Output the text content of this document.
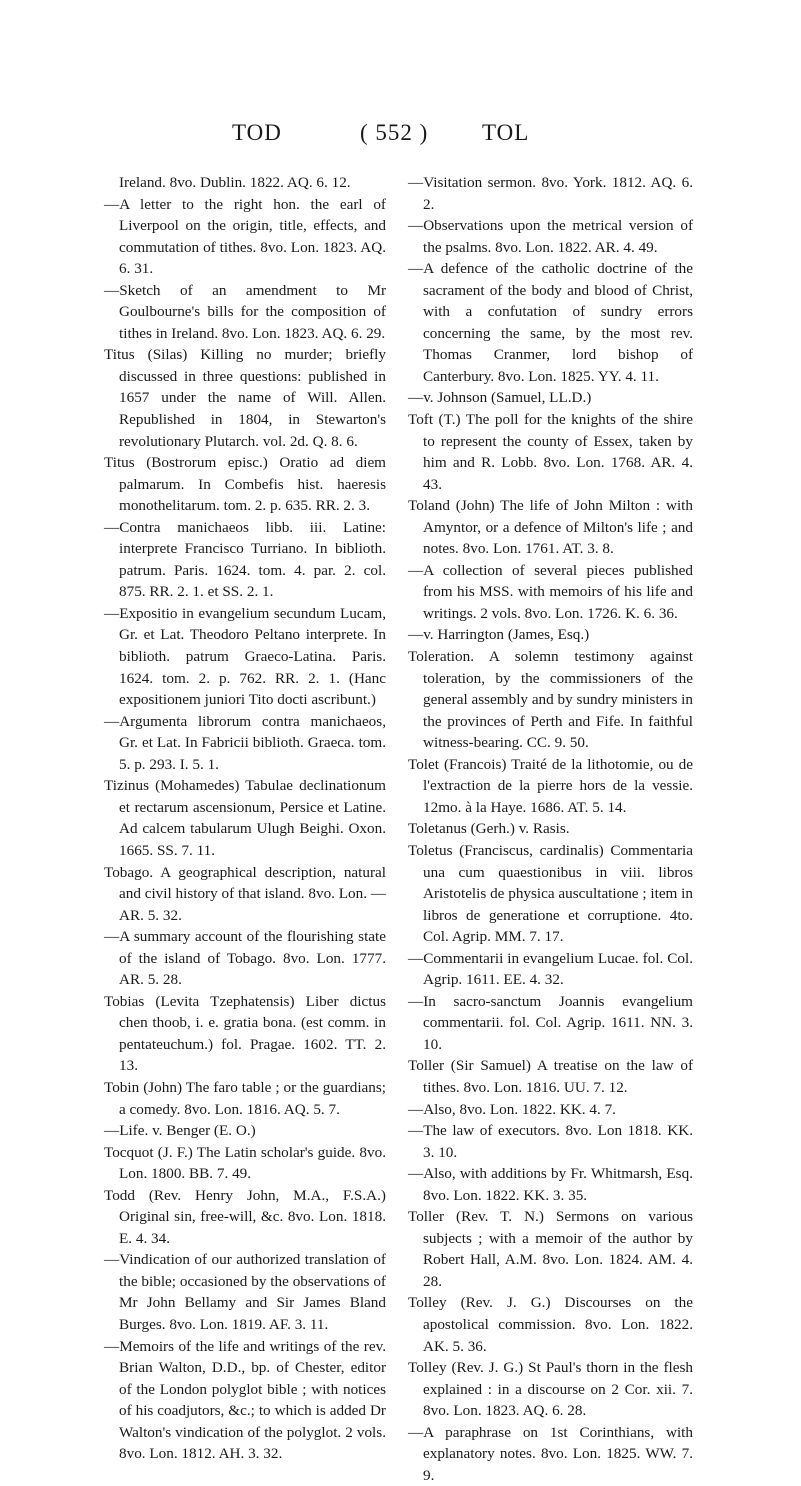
TOD	( 552 ) TOL

Ireland. 8vo. Dublin. 1822. AQ. 6. 12.

—A letter to the right hon. the earl of Liverpool on the origin, title, effects, and commutation of tithes. 8vo. Lon. 1823. AQ. 6. 31.

—Sketch of an amendment to Mr Goulbourne's bills for the composition of tithes in Ireland. 8vo. Lon. 1823. AQ. 6. 29.

Titus (Silas) Killing no murder; briefly discussed in three questions: published in 1657 under the name of Will. Allen. Republished in 1804, in Stewarton's revolutionary Plutarch. vol. 2d. Q. 8. 6.

Titus (Bostrorum episc.) Oratio ad diem palmarum. In Combefis hist. haeresis monothelitarum. tom. 2. p. 635. RR. 2. 3.

—Contra manichaeos libb. iii. Latine: interprete Francisco Turriano. In biblioth. patrum. Paris. 1624. tom. 4. par. 2. col. 875. RR. 2. 1. et SS. 2. 1.

—Expositio in evangelium secundum Lucam, Gr. et Lat. Theodoro Peltano interprete. In biblioth. patrum Graeco-Latina. Paris. 1624. tom. 2. p. 762. RR. 2. 1. (Hanc expositionem juniori Tito docti ascribunt.)

—Argumenta librorum contra manichaeos, Gr. et Lat. In Fabricii biblioth. Graeca. tom. 5. p. 293. I. 5. 1.

Tizinus (Mohamedes) Tabulae declinationum et rectarum ascensionum, Persice et Latine. Ad calcem tabularum Ulugh Beighi. Oxon. 1665. SS. 7. 11.

Tobago. A geographical description, natural and civil history of that island. 8vo. Lon. — AR. 5. 32.

—A summary account of the flourishing state of the island of Tobago. 8vo. Lon. 1777. AR. 5. 28.

Tobias (Levita Tzephatensis) Liber dictus chen thoob, i. e. gratia bona. (est comm. in pentateuchum.) fol. Pragae. 1602. TT. 2. 13.

Tobin (John) The faro table ; or the guardians; a comedy. 8vo. Lon. 1816. AQ. 5. 7.

—Life. v. Benger (E. O.)

Tocquot (J. F.) The Latin scholar's guide. 8vo. Lon. 1800. BB. 7. 49.

Todd (Rev. Henry John, M.A., F.S.A.) Original sin, free-will, &c. 8vo. Lon. 1818. E. 4. 34.

—Vindication of our authorized translation of the bible; occasioned by the observations of Mr John Bellamy and Sir James Bland Burges. 8vo. Lon. 1819. AF. 3. 11.

—Memoirs of the life and writings of the rev. Brian Walton, D.D., bp. of Chester, editor of the London polyglot bible ; with notices of his coadjutors, &c.; to which is added Dr Walton's vindication of the polyglot. 2 vols. 8vo. Lon. 1812. AH. 3. 32.

—Visitation sermon. 8vo. York. 1812. AQ. 6. 2.

—Observations upon the metrical version of the psalms. 8vo. Lon. 1822. AR. 4. 49.

—A defence of the catholic doctrine of the sacrament of the body and blood of Christ, with a confutation of sundry errors concerning the same, by the most rev. Thomas Cranmer, lord bishop of Canterbury. 8vo. Lon. 1825. YY. 4. 11.

—v. Johnson (Samuel, LL.D.)

Toft (T.) The poll for the knights of the shire to represent the county of Essex, taken by him and R. Lobb. 8vo. Lon. 1768. AR. 4. 43.

Toland (John) The life of John Milton : with Amyntor, or a defence of Milton's life ; and notes. 8vo. Lon. 1761. AT. 3. 8.

—A collection of several pieces published from his MSS. with memoirs of his life and writings. 2 vols. 8vo. Lon. 1726. K. 6. 36.

—v. Harrington (James, Esq.)

Toleration. A solemn testimony against toleration, by the commissioners of the general assembly and by sundry ministers in the provinces of Perth and Fife. In faithful witness-bearing. CC. 9. 50.

Tolet (Francois) Traité de la lithotomie, ou de l'extraction de la pierre hors de la vessie. 12mo. à la Haye. 1686. AT. 5. 14.

Toletanus (Gerh.) v. Rasis.

Toletus (Franciscus, cardinalis) Commentaria una cum quaestionibus in viii. libros Aristotelis de physica auscultatione ; item in libros de generatione et corruptione. 4to. Col. Agrip. MM. 7. 17.

—Commentarii in evangelium Lucae. fol. Col. Agrip. 1611. EE. 4. 32.

—In sacro-sanctum Joannis evangelium commentarii. fol. Col. Agrip. 1611. NN. 3. 10.

Toller (Sir Samuel) A treatise on the law of tithes. 8vo. Lon. 1816. UU. 7. 12.

—Also, 8vo. Lon. 1822. KK. 4. 7.

—The law of executors. 8vo. Lon 1818. KK. 3. 10.

—Also, with additions by Fr. Whitmarsh, Esq. 8vo. Lon. 1822. KK. 3. 35.

Toller (Rev. T. N.) Sermons on various subjects ; with a memoir of the author by Robert Hall, A.M. 8vo. Lon. 1824. AM. 4. 28.

Tolley (Rev. J. G.) Discourses on the apostolical commission. 8vo. Lon. 1822. AK. 5. 36.

Tolley (Rev. J. G.) St Paul's thorn in the flesh explained : in a discourse on 2 Cor. xii. 7. 8vo. Lon. 1823. AQ. 6. 28.

—A paraphrase on 1st Corinthians, with explanatory notes. 8vo. Lon. 1825. WW. 7. 9.
